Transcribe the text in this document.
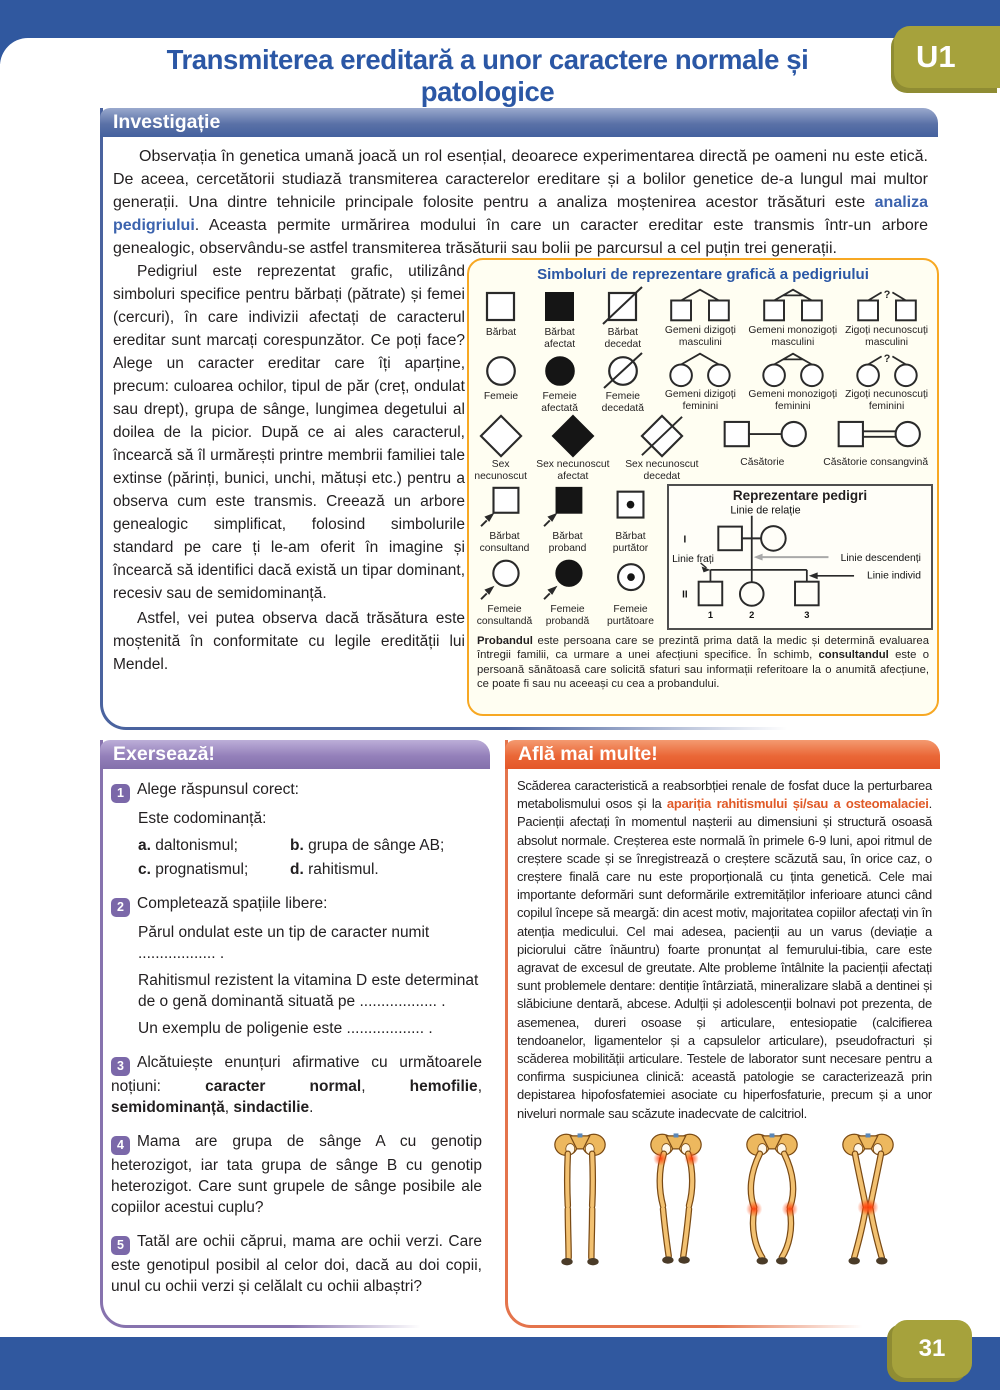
Transmiterea ereditară a unor caractere normale și patologice
U1
Investigație

Observația în genetica umană joacă un rol esențial, deoarece experimentarea directă pe oameni nu este etică. De aceea, cercetătorii studiază transmiterea caracterelor ereditare și a bolilor genetice de-a lungul mai multor generații. Una dintre tehnicile principale folosite pentru a analiza moștenirea acestor trăsături este analiza pedigriului. Aceasta permite urmărirea modului în care un caracter ereditar este transmis într-un arbore genealogic, observându-se astfel transmiterea trăsăturii sau bolii pe parcursul a cel puțin trei generații.

Pedigriul este reprezentat grafic, utilizând simboluri specifice pentru bărbați (pătrate) și femei (cercuri), în care indivizii afectați de caracterul ereditar sunt marcați corespunzător. Ce poți face? Alege un caracter ereditar care îți aparține, precum: culoarea ochilor, tipul de păr (creț, ondulat sau drept), grupa de sânge, lungimea degetului al doilea de la picior. După ce ai ales caracterul, încearcă să îl urmărești printre membrii familiei tale extinse (părinți, bunici, unchi, mătuși etc.) pentru a observa cum este transmis. Creează un arbore genealogic simplificat, folosind simbolurile standard pe care ți le-am oferit în imagine și încearcă să identifici dacă există un tipar dominant, recesiv sau de semidominanță.

Astfel, vei putea observa dacă trăsătura este moștenită în conformitate cu legile eredității lui Mendel.

Simboluri de reprezentare grafică a pedigriului
Bărbat	Bărbat afectat
Bărbat decedat
Gemeni dizigoți masculini
Gemeni monozigoți masculini
?
Zigoți necunoscuți masculini
Femeie	Femeie afectată
Femeie decedată
Gemeni dizigoți feminini
Gemeni monozigoți feminini
?
Zigoți necunoscuți feminini
Sex necunoscut
Sex necunoscut afectat
Sex necunoscut decedat
Căsătorie	Căsătorie consangvină
Bărbat consultand
Bărbat proband
Bărbat purtător
Femeie consultandă
Femeie probandă
Femeie purtătoare
Reprezentare pedigri
Linie de relație
I
II
1	2	3
Linie frați	Linie descendenți
Linie individ

Probandul este persoana care se prezintă prima dată la medic și determină evaluarea întregii familii, ca urmare a unei afecțiuni specifice. În schimb, consultandul este o persoană sănătoasă care solicită sfaturi sau informații referitoare la o anumită afecțiune, ce poate fi sau nu aceeași cu cea a probandului.

Exersează!
1 Alege răspunsul corect:
Este codominanță:
a. daltonismul;	b. grupa de sânge AB;
c. prognatismul;	d. rahitismul.
2 Completează spațiile libere:
Părul ondulat este un tip de caracter numit .................. .
Rahitismul rezistent la vitamina D este determinat de o genă dominantă situată pe .................. .
Un exemplu de poligenie este .................. .

3 Alcătuiește enunțuri afirmative cu următoarele noțiuni: caracter normal, hemofilie, semidominanță, sindactilie.

4 Mama are grupa de sânge A cu genotip heterozigot, iar tata grupa de sânge B cu genotip heterozigot. Care sunt grupele de sânge posibile ale copiilor acestui cuplu?

5 Tatăl are ochii căprui, mama are ochii verzi. Care este genotipul posibil al celor doi, dacă au doi copii, unul cu ochii verzi și celălalt cu ochii albaștri?

Află mai multe!
Scăderea caracteristică a reabsorbției renale de fosfat duce la perturbarea metabolismului osos și la apariția rahitismului și/sau a osteomalaciei. Pacienții afectați în momentul nașterii au dimensiuni și structură osoasă absolut normale. Creșterea este normală în primele 6-9 luni, apoi ritmul de creștere scade și se înregistrează o creștere scăzută sau, în orice caz, o creștere finală care nu este proporțională cu ținta genetică. Cele mai importante deformări sunt deformările extremităților inferioare atunci când copilul începe să meargă: din acest motiv, majoritatea copiilor afectați vin în atenția medicului. Cel mai adesea, pacienții au un varus (deviație a piciorului către înăuntru) foarte pronunțat al femurului-tibia, care este agravat de excesul de greutate. Alte probleme întâlnite la pacienții afectați sunt problemele dentare: dentiție întârziată, mineralizare slabă a dentinei și slăbiciune dentară, abcese. Adulții și adolescenții bolnavi pot prezenta, de asemenea, dureri osoase și articulare, entesiopatie (calcifierea tendoanelor, ligamentelor și a capsulelor articulare), pseudofracturi și scăderea mobilității articulare. Testele de laborator sunt necesare pentru a confirma suspiciunea clinică: această patologie se caracterizează prin depistarea hipofosfatemiei asociate cu hiperfosfaturie, precum și a unor niveluri normale sau scăzute inadecvate de calcitriol.
31
